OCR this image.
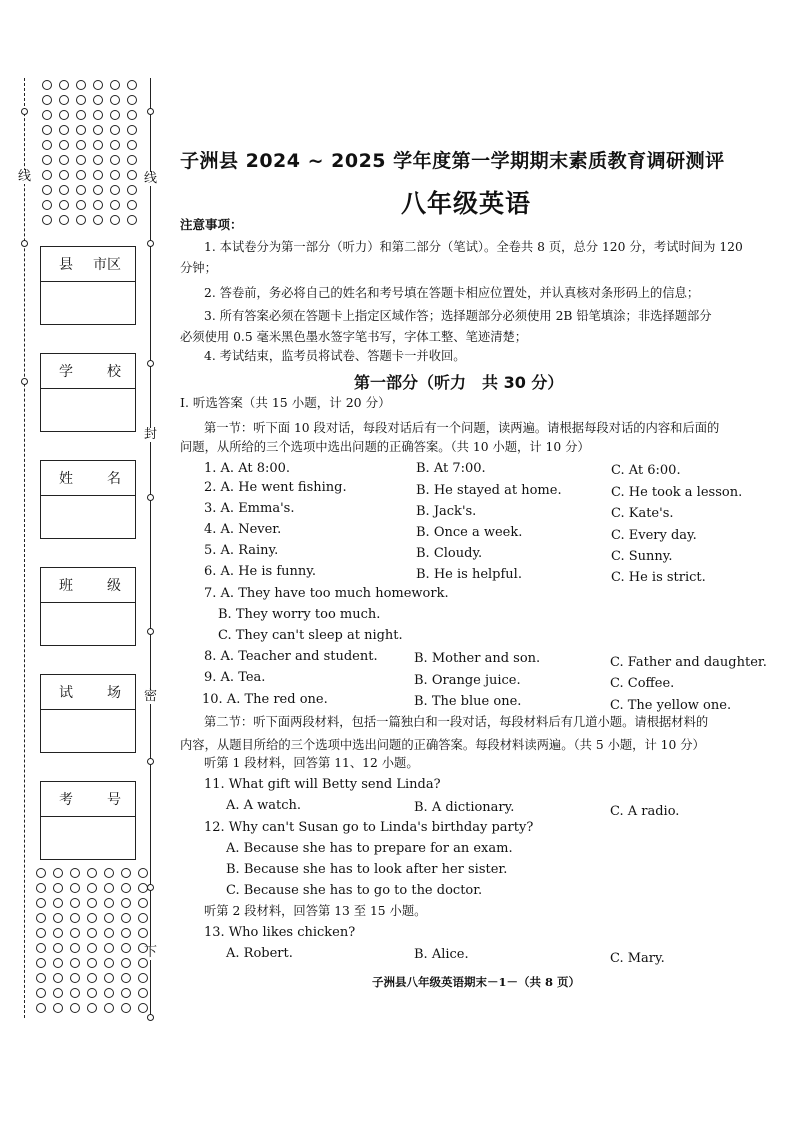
线	线
封
密
下
县 市区
学 校
姓 名
班 级
试 场
考 号
子洲县 2024 ~ 2025 学年度第一学期期末素质教育调研测评
八年级英语
注意事项：
1. 本试卷分为第一部分（听力）和第二部分（笔试）。全卷共 8 页，总分 120 分，考试时间为 120
分钟；
2. 答卷前，务必将自己的姓名和考号填在答题卡相应位置处，并认真核对条形码上的信息；
3. 所有答案必须在答题卡上指定区域作答；选择题部分必须使用 2B 铅笔填涂；非选择题部分
必须使用 0.5 毫米黑色墨水签字笔书写，字体工整、笔迹清楚；
4. 考试结束，监考员将试卷、答题卡一并收回。
第一部分（听力　共 30 分）
Ⅰ. 听选答案（共 15 小题，计 20 分）
第一节：听下面 10 段对话，每段对话后有一个问题，读两遍。请根据每段对话的内容和后面的
问题，从所给的三个选项中选出问题的正确答案。（共 10 小题，计 10 分）
1. A. At 8:00.	B. At 7:00.	C. At 6:00.
2. A. He went fishing.	B. He stayed at home.	C. He took a lesson.
3. A. Emma's.	B. Jack's.	C. Kate's.
4. A. Never.	B. Once a week.	C. Every day.
5. A. Rainy.	B. Cloudy.	C. Sunny.
6. A. He is funny.	B. He is helpful.	C. He is strict.
7. A. They have too much homework.
B. They worry too much.
C. They can't sleep at night.
8. A. Teacher and student.	B. Mother and son.	C. Father and daughter.
9. A. Tea.	B. Orange juice.	C. Coffee.
10. A. The red one.	B. The blue one.	C. The yellow one.
第二节：听下面两段材料，包括一篇独白和一段对话，每段材料后有几道小题。请根据材料的
内容，从题目所给的三个选项中选出问题的正确答案。每段材料读两遍。（共 5 小题，计 10 分）
听第 1 段材料，回答第 11、12 小题。
11. What gift will Betty send Linda?
A. A watch.	B. A dictionary.	C. A radio.
12. Why can't Susan go to Linda's birthday party?
A. Because she has to prepare for an exam.
B. Because she has to look after her sister.
C. Because she has to go to the doctor.
听第 2 段材料，回答第 13 至 15 小题。
13. Who likes chicken?
A. Robert.	B. Alice.	C. Mary.
子洲县八年级英语期末－1－（共 8 页）
